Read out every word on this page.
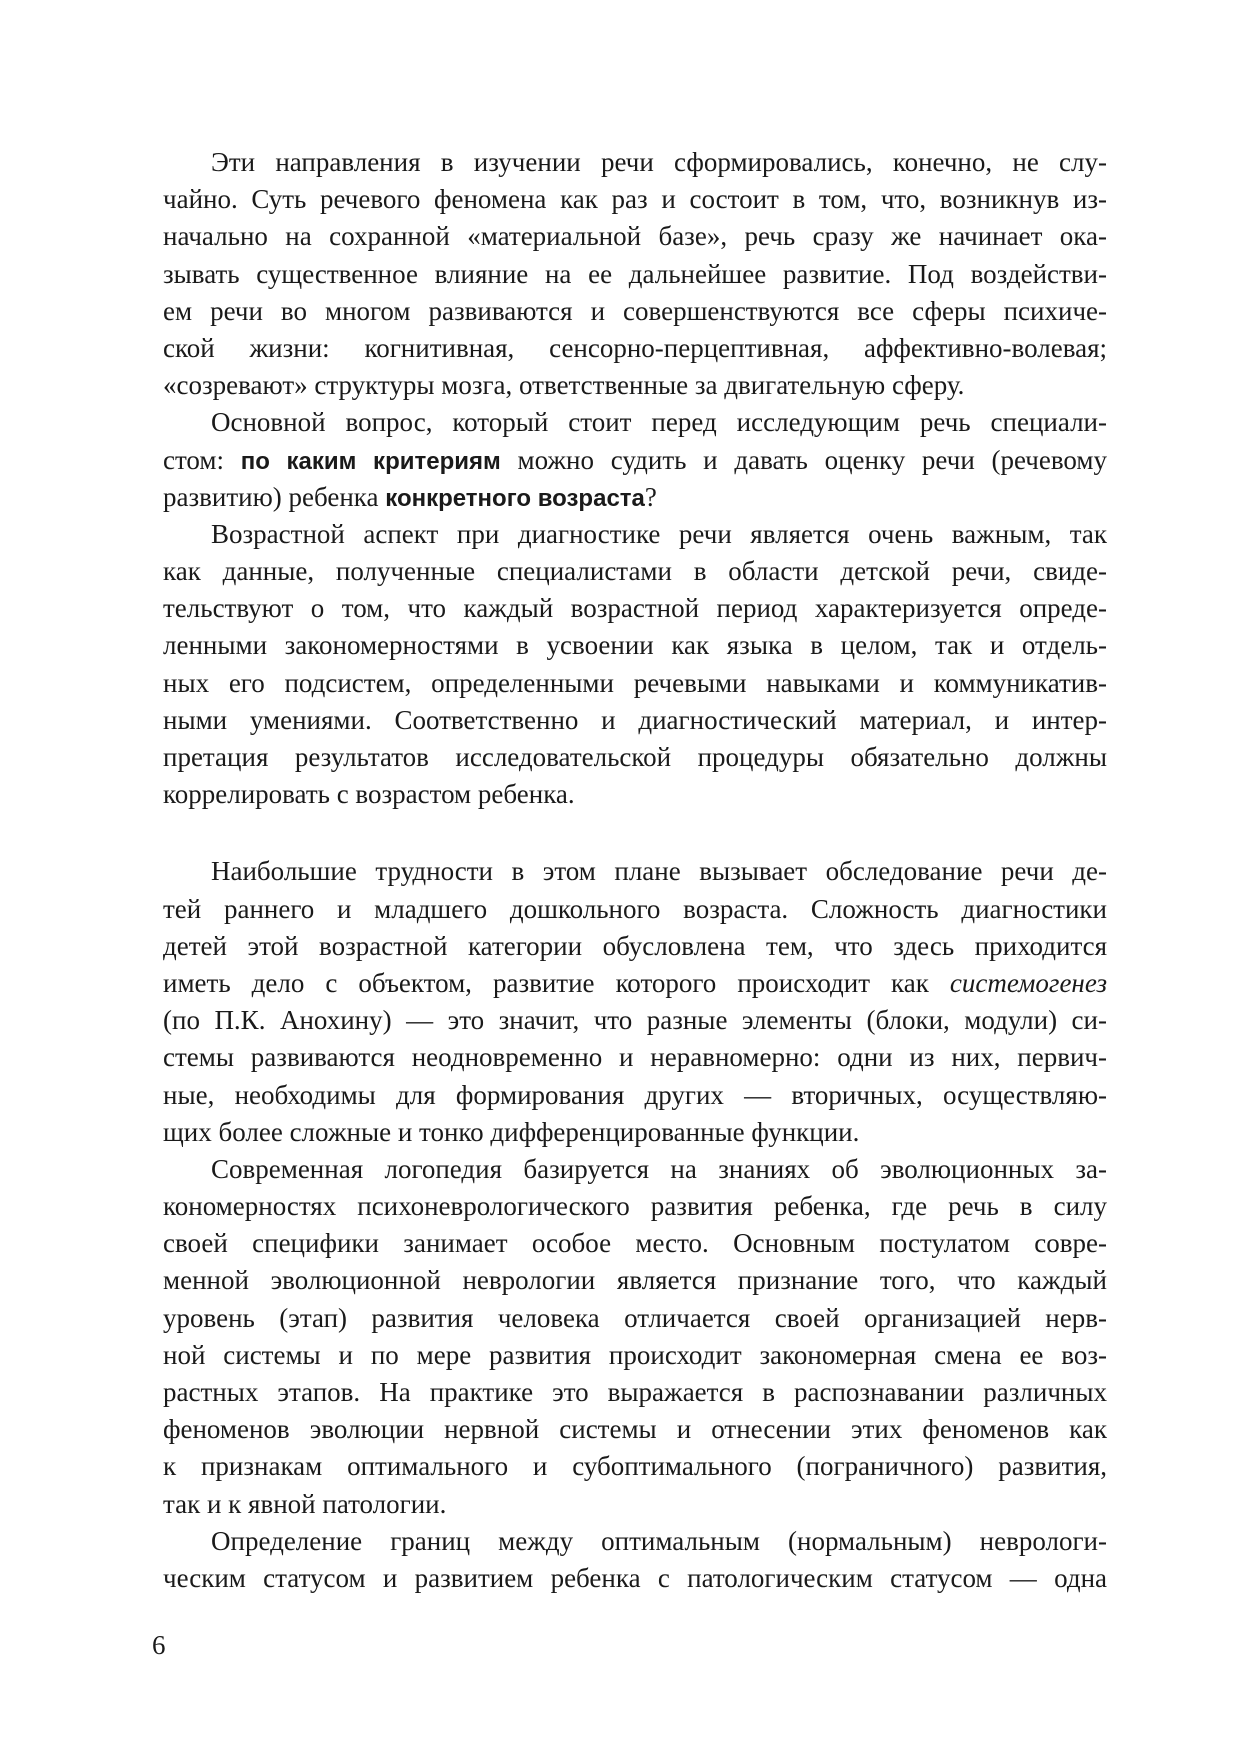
Эти направления в изучении речи сформировались, конечно, не слу-
чайно. Суть речевого феномена как раз и состоит в том, что, возникнув из-
начально на сохранной «материальной базе», речь сразу же начинает ока-
зывать существенное влияние на ее дальнейшее развитие. Под воздействи-
ем речи во многом развиваются и совершенствуются все сферы психиче-
ской жизни: когнитивная, сенсорно-перцептивная, аффективно-волевая;
«созревают» структуры мозга, ответственные за двигательную сферу.
Основной вопрос, который стоит перед исследующим речь специали-
стом: по каким критериям можно судить и давать оценку речи (речевому
развитию) ребенка конкретного возраста?
Возрастной аспект при диагностике речи является очень важным, так
как данные, полученные специалистами в области детской речи, свиде-
тельствуют о том, что каждый возрастной период характеризуется опреде-
ленными закономерностями в усвоении как языка в целом, так и отдель-
ных его подсистем, определенными речевыми навыками и коммуникатив-
ными умениями. Соответственно и диагностический материал, и интер-
претация результатов исследовательской процедуры обязательно должны
коррелировать с возрастом ребенка.
Наибольшие трудности в этом плане вызывает обследование речи де-
тей раннего и младшего дошкольного возраста. Сложность диагностики
детей этой возрастной категории обусловлена тем, что здесь приходится
иметь дело с объектом, развитие которого происходит как системогенез
(по П.К. Анохину) — это значит, что разные элементы (блоки, модули) си-
стемы развиваются неодновременно и неравномерно: одни из них, первич-
ные, необходимы для формирования других — вторичных, осуществляю-
щих более сложные и тонко дифференцированные функции.
Современная логопедия базируется на знаниях об эволюционных за-
кономерностях психоневрологического развития ребенка, где речь в силу
своей специфики занимает особое место. Основным постулатом совре-
менной эволюционной неврологии является признание того, что каждый
уровень (этап) развития человека отличается своей организацией нерв-
ной системы и по мере развития происходит закономерная смена ее воз-
растных этапов. На практике это выражается в распознавании различных
феноменов эволюции нервной системы и отнесении этих феноменов как
к признакам оптимального и субоптимального (пограничного) развития,
так и к явной патологии.
Определение границ между оптимальным (нормальным) неврологи-
ческим статусом и развитием ребенка с патологическим статусом — одна
6
